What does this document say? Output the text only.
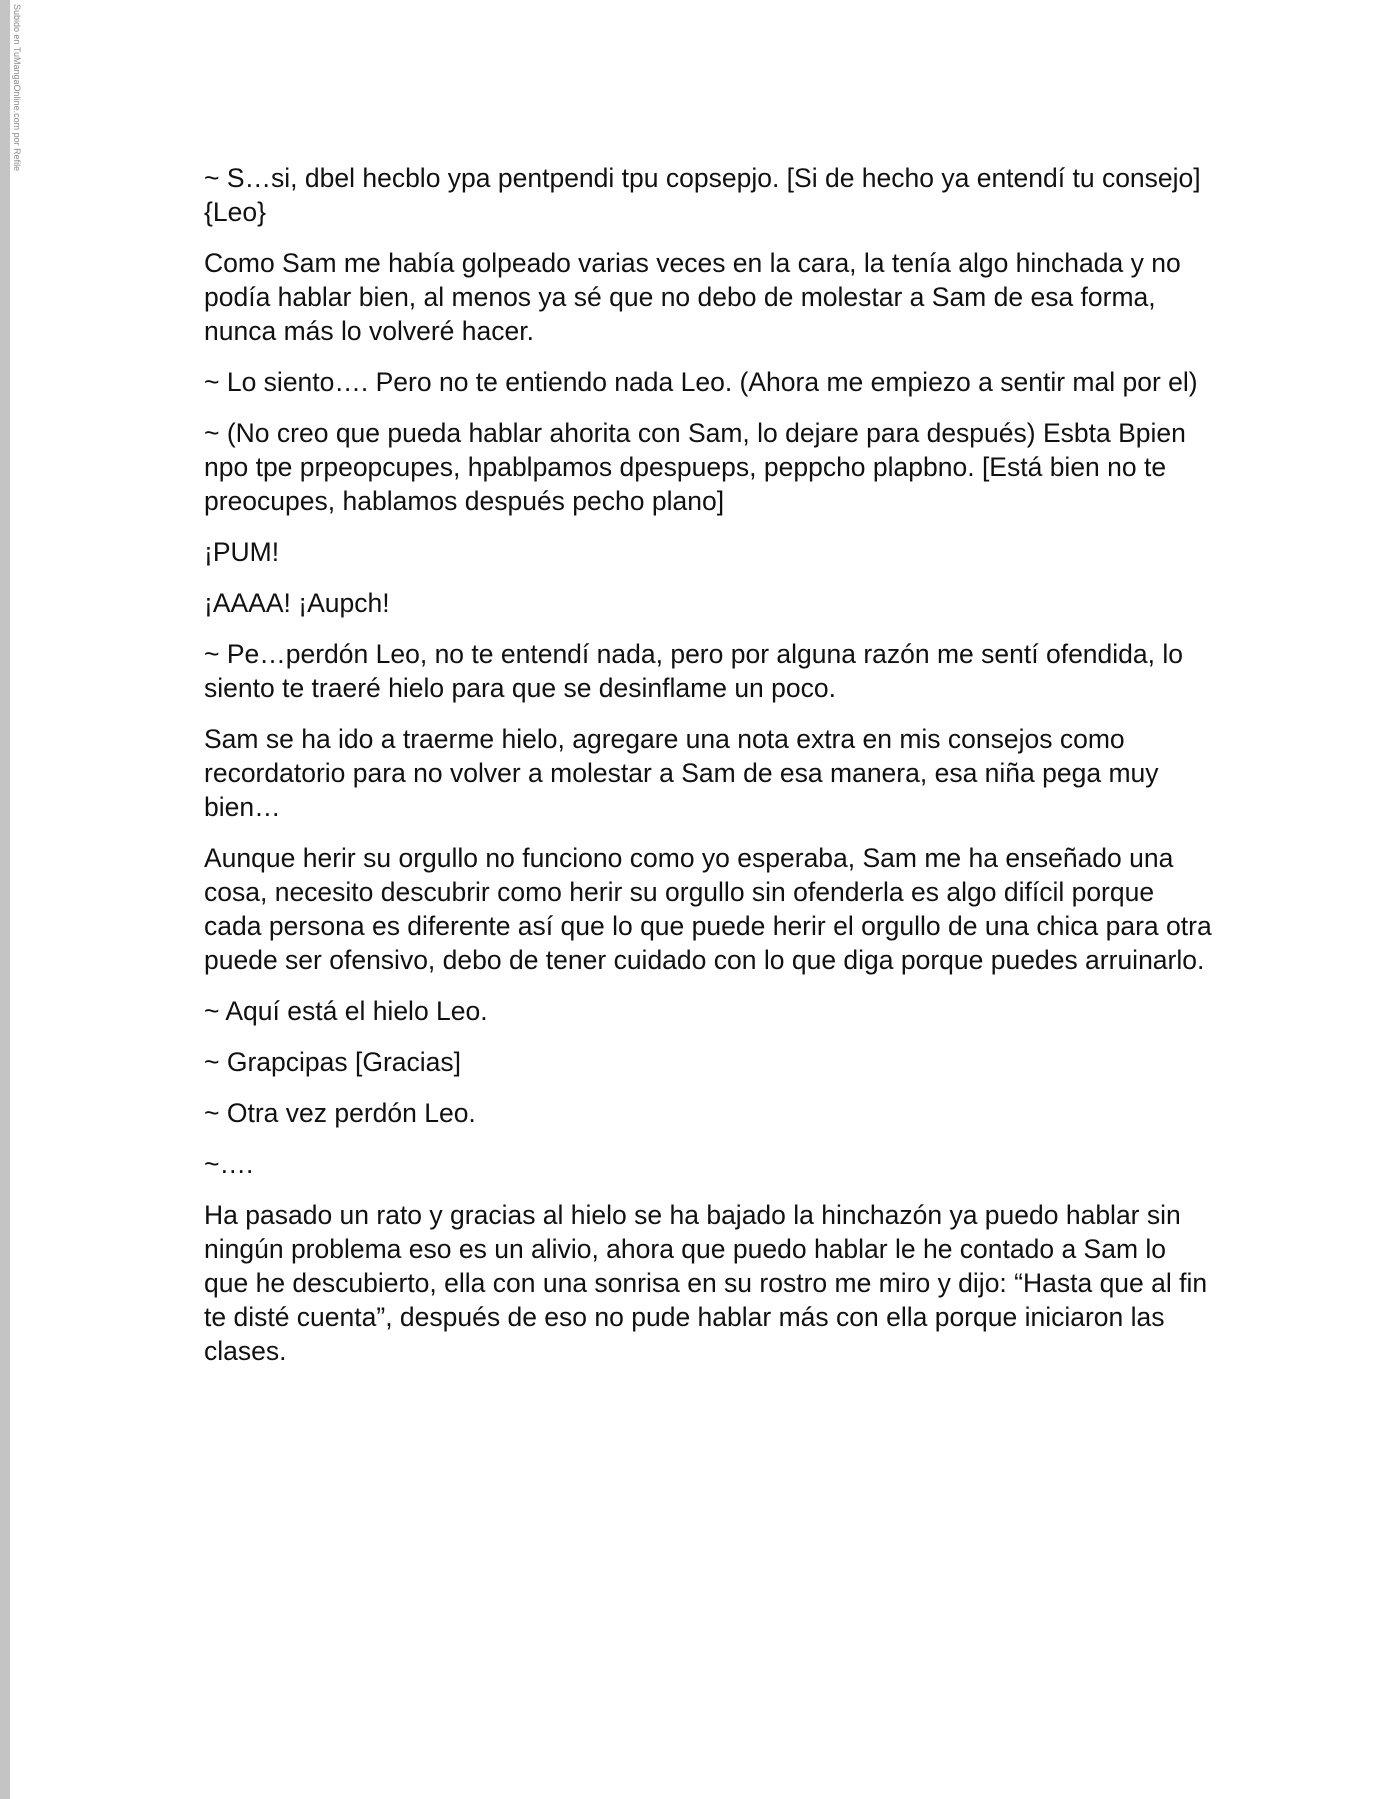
Subido en TuMangaOnline.com por Refile

~ S…si, dbel hecblo ypa pentpendi tpu copsepjo. [Si de hecho ya entendí tu consejo] {Leo}

Como Sam me había golpeado varias veces en la cara, la tenía algo hinchada y no podía hablar bien, al menos ya sé que no debo de molestar a Sam de esa forma, nunca más lo volveré hacer.

~ Lo siento…. Pero no te entiendo nada Leo. (Ahora me empiezo a sentir mal por el)

~ (No creo que pueda hablar ahorita con Sam, lo dejare para después) Esbta Bpien npo tpe prpeopcupes, hpablpamos dpespueps, peppcho plapbno. [Está bien no te preocupes, hablamos después pecho plano]

¡PUM!

¡AAAA! ¡Aupch!

~ Pe…perdón Leo, no te entendí nada, pero por alguna razón me sentí ofendida, lo siento te traeré hielo para que se desinflame un poco.

Sam se ha ido a traerme hielo, agregare una nota extra en mis consejos como recordatorio para no volver a molestar a Sam de esa manera, esa niña pega muy bien…

Aunque herir su orgullo no funciono como yo esperaba, Sam me ha enseñado una cosa, necesito descubrir como herir su orgullo sin ofenderla es algo difícil porque cada persona es diferente así que lo que puede herir el orgullo de una chica para otra puede ser ofensivo, debo de tener cuidado con lo que diga porque puedes arruinarlo.

~ Aquí está el hielo Leo.

~ Grapcipas [Gracias]

~ Otra vez perdón Leo.

~….

Ha pasado un rato y gracias al hielo se ha bajado la hinchazón ya puedo hablar sin ningún problema eso es un alivio, ahora que puedo hablar le he contado a Sam lo que he descubierto, ella con una sonrisa en su rostro me miro y dijo: “Hasta que al fin te disté cuenta”, después de eso no pude hablar más con ella porque iniciaron las clases.
